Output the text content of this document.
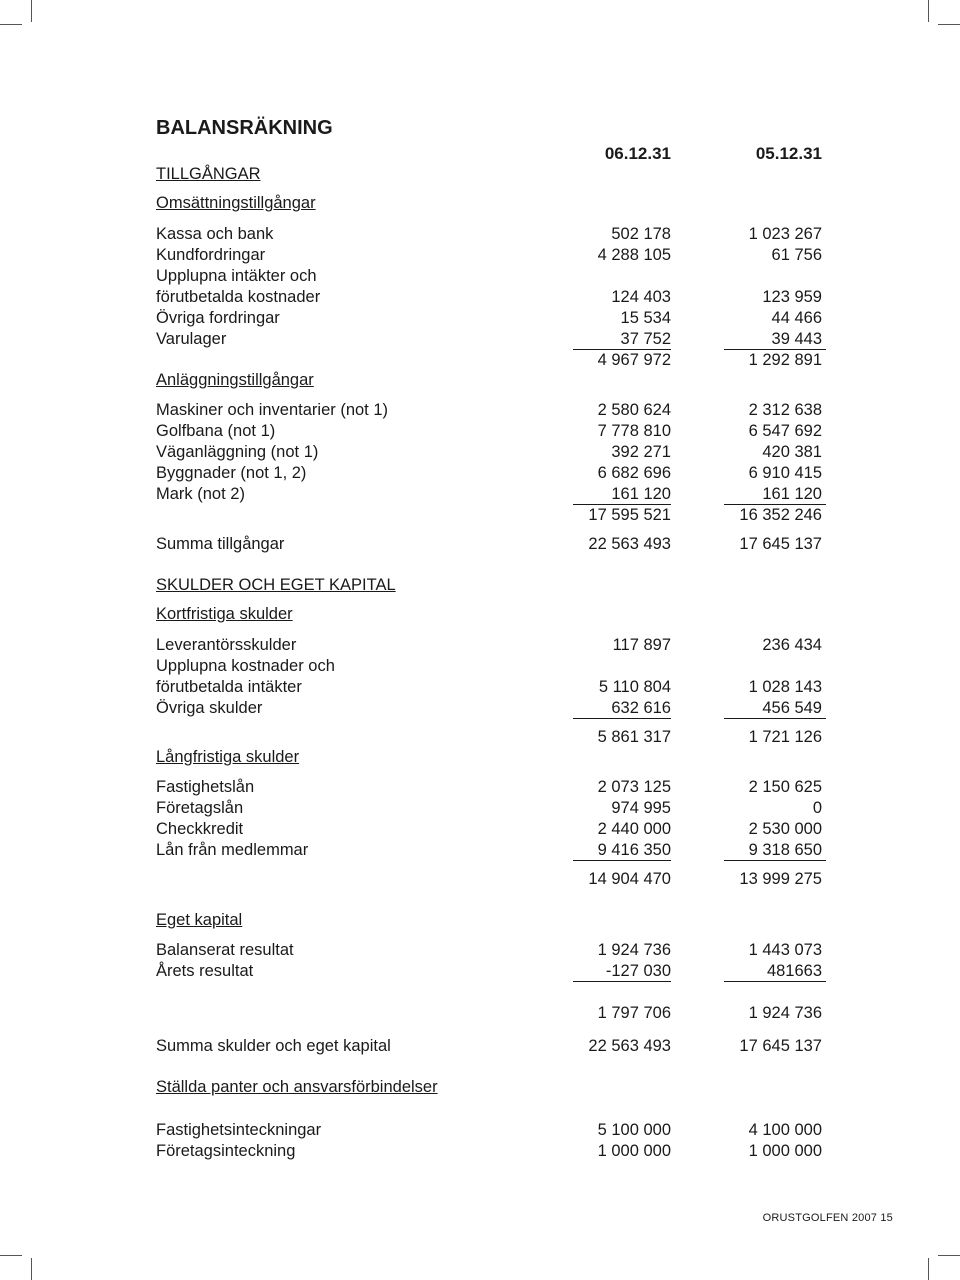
BALANSRÄKNING
06.12.31	05.12.31
TILLGÅNGAR
Omsättningstillgångar
Kassa och bank	502 178	1 023 267
Kundfordringar	4 288 105	61 756
Upplupna intäkter och
förutbetalda kostnader	124 403	123 959
Övriga fordringar	15 534	44 466
Varulager	37 752	39 443
4 967 972	1 292 891
Anläggningstillgångar
Maskiner och inventarier (not 1)	2 580 624	2 312 638
Golfbana (not 1)	7 778 810	6 547 692
Väganläggning (not 1)	392 271	420 381
Byggnader (not 1, 2)	6 682 696	6 910 415
Mark (not 2)	161 120	161 120
17 595 521	16 352 246
Summa tillgångar	22 563 493	17 645 137
SKULDER OCH EGET KAPITAL
Kortfristiga skulder
Leverantörsskulder	117 897	236 434
Upplupna kostnader och
förutbetalda intäkter	5 110 804	1 028 143
Övriga skulder	632 616	456 549
5 861 317	1 721 126
Långfristiga skulder
Fastighetslån	2 073 125	2 150 625
Företagslån	974 995	0
Checkkredit	2 440 000	2 530 000
Lån från medlemmar	9 416 350	9 318 650
14 904 470	13 999 275
Eget kapital
Balanserat resultat	1 924 736	1 443 073
Årets resultat	-127 030	481663
1 797 706	1 924 736
Summa skulder och eget kapital	22 563 493	17 645 137
Ställda panter och ansvarsförbindelser
Fastighetsinteckningar	5 100 000	4 100 000
Företagsinteckning	1 000 000	1 000 000
ORUSTGOLFEN 2007 15
